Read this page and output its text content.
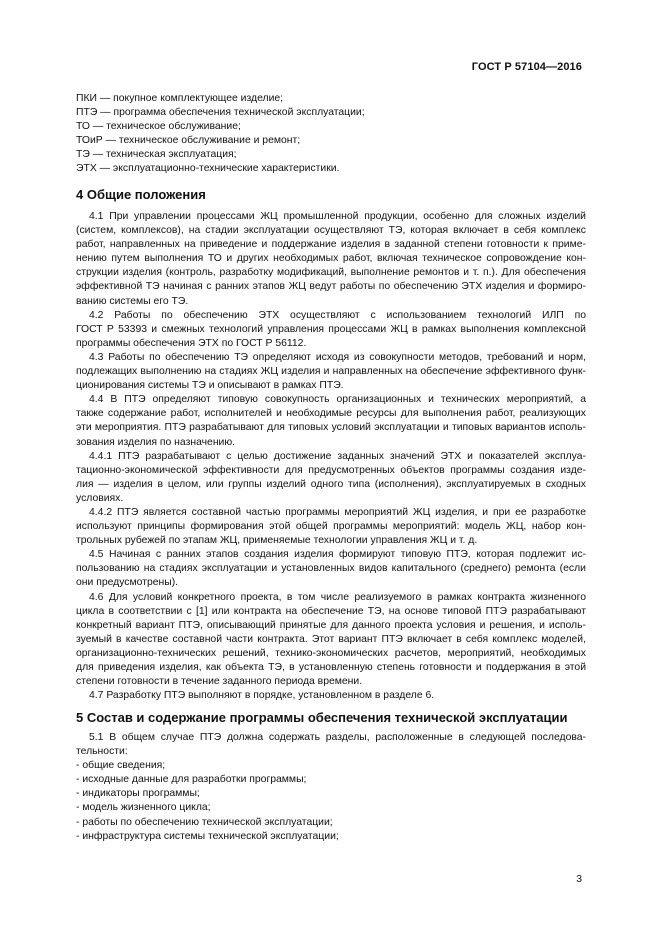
ГОСТ Р 57104—2016
ПКИ — покупное комплектующее изделие;
ПТЭ — программа обеспечения технической эксплуатации;
ТО — техническое обслуживание;
ТОиР — техническое обслуживание и ремонт;
ТЭ — техническая эксплуатация;
ЭТХ — эксплуатационно-технические характеристики.
4 Общие положения
4.1 При управлении процессами ЖЦ промышленной продукции, особенно для сложных изделий
(систем, комплексов), на стадии эксплуатации осуществляют ТЭ, которая включает в себя комплекс
работ, направленных на приведение и поддержание изделия в заданной степени готовности к приме-
нению путем выполнения ТО и других необходимых работ, включая техническое сопровождение кон-
струкции изделия (контроль, разработку модификаций, выполнение ремонтов и т. п.). Для обеспечения
эффективной ТЭ начиная с ранних этапов ЖЦ ведут работы по обеспечению ЭТХ изделия и формиро-
ванию системы его ТЭ.
4.2 Работы по обеспечению ЭТХ осуществляют с использованием технологий ИЛП по
ГОСТ Р 53393 и смежных технологий управления процессами ЖЦ в рамках выполнения комплексной
программы обеспечения ЭТХ по ГОСТ Р 56112.
4.3 Работы по обеспечению ТЭ определяют исходя из совокупности методов, требований и норм,
подлежащих выполнению на стадиях ЖЦ изделия и направленных на обеспечение эффективного функ-
ционирования системы ТЭ и описывают в рамках ПТЭ.
4.4 В ПТЭ определяют типовую совокупность организационных и технических мероприятий, а
также содержание работ, исполнителей и необходимые ресурсы для выполнения работ, реализующих
эти мероприятия. ПТЭ разрабатывают для типовых условий эксплуатации и типовых вариантов исполь-
зования изделия по назначению.
4.4.1 ПТЭ разрабатывают с целью достижение заданных значений ЭТХ и показателей эксплуа-
тационно-экономической эффективности для предусмотренных объектов программы создания изде-
лия — изделия в целом, или группы изделий одного типа (исполнения), эксплуатируемых в сходных
условиях.
4.4.2 ПТЭ является составной частью программы мероприятий ЖЦ изделия, и при ее разработке
используют принципы формирования этой общей программы мероприятий: модель ЖЦ, набор кон-
трольных рубежей по этапам ЖЦ, применяемые технологии управления ЖЦ и т. д.
4.5 Начиная с ранних этапов создания изделия формируют типовую ПТЭ, которая подлежит ис-
пользованию на стадиях эксплуатации и установленных видов капитального (среднего) ремонта (если
они предусмотрены).
4.6 Для условий конкретного проекта, в том числе реализуемого в рамках контракта жизненного
цикла в соответствии с [1] или контракта на обеспечение ТЭ, на основе типовой ПТЭ разрабатывают
конкретный вариант ПТЭ, описывающий принятые для данного проекта условия и решения, и исполь-
зуемый в качестве составной части контракта. Этот вариант ПТЭ включает в себя комплекс моделей,
организационно-технических решений, технико-экономических расчетов, мероприятий, необходимых
для приведения изделия, как объекта ТЭ, в установленную степень готовности и поддержания в этой
степени готовности в течение заданного периода времени.
4.7 Разработку ПТЭ выполняют в порядке, установленном в разделе 6.
5 Состав и содержание программы обеспечения технической эксплуатации
5.1 В общем случае ПТЭ должна содержать разделы, расположенные в следующей последова-
тельности:
- общие сведения;
- исходные данные для разработки программы;
- индикаторы программы;
- модель жизненного цикла;
- работы по обеспечению технической эксплуатации;
- инфраструктура системы технической эксплуатации;
3
